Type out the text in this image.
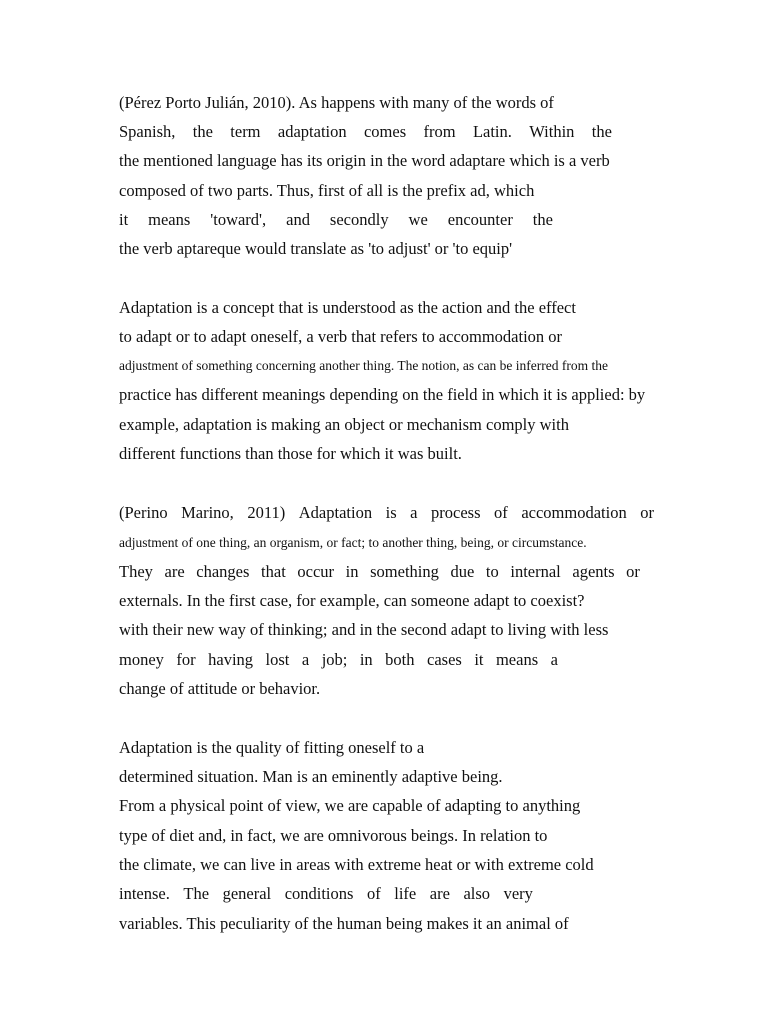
(Pérez Porto Julián, 2010). As happens with many of the words of
Spanish, the term adaptation comes from Latin. Within the
the mentioned language has its origin in the word adaptare which is a verb
composed of two parts. Thus, first of all is the prefix ad, which
it means 'toward', and secondly we encounter the
the verb aptareque would translate as 'to adjust' or 'to equip'
Adaptation is a concept that is understood as the action and the effect
to adapt or to adapt oneself, a verb that refers to accommodation or
adjustment of something concerning another thing. The notion, as can be inferred from the
practice has different meanings depending on the field in which it is applied: by
example, adaptation is making an object or mechanism comply with
different functions than those for which it was built.
(Perino Marino, 2011) Adaptation is a process of accommodation or
adjustment of one thing, an organism, or fact; to another thing, being, or circumstance.
They are changes that occur in something due to internal agents or
externals. In the first case, for example, can someone adapt to coexist?
with their new way of thinking; and in the second adapt to living with less
money for having lost a job; in both cases it means a
change of attitude or behavior.
Adaptation is the quality of fitting oneself to a
determined situation. Man is an eminently adaptive being.
From a physical point of view, we are capable of adapting to anything
type of diet and, in fact, we are omnivorous beings. In relation to
the climate, we can live in areas with extreme heat or with extreme cold
intense. The general conditions of life are also very
variables. This peculiarity of the human being makes it an animal of
